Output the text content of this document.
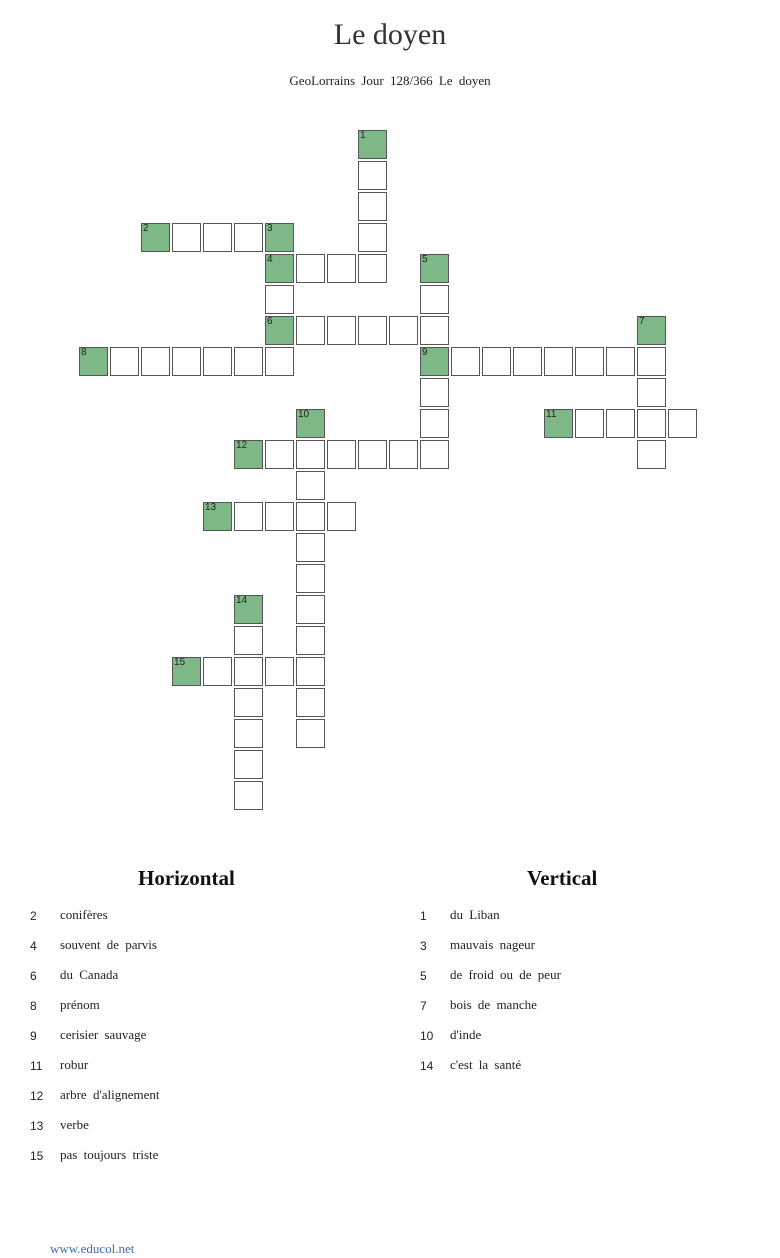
Le doyen
GeoLorrains Jour 128/366 Le doyen
1
2	3
4
6
5
9
7
8
10	11
12
13
14
15
Horizontal
2	conifères
4	souvent de parvis
6	du Canada
8	prénom
9	cerisier sauvage
11	robur
12	arbre d'alignement
13	verbe
15	pas toujours triste
Vertical
1	du Liban
3	mauvais nageur
5	de froid ou de peur
7	bois de manche
10	d'inde
14	c'est la santé
www.educol.net
